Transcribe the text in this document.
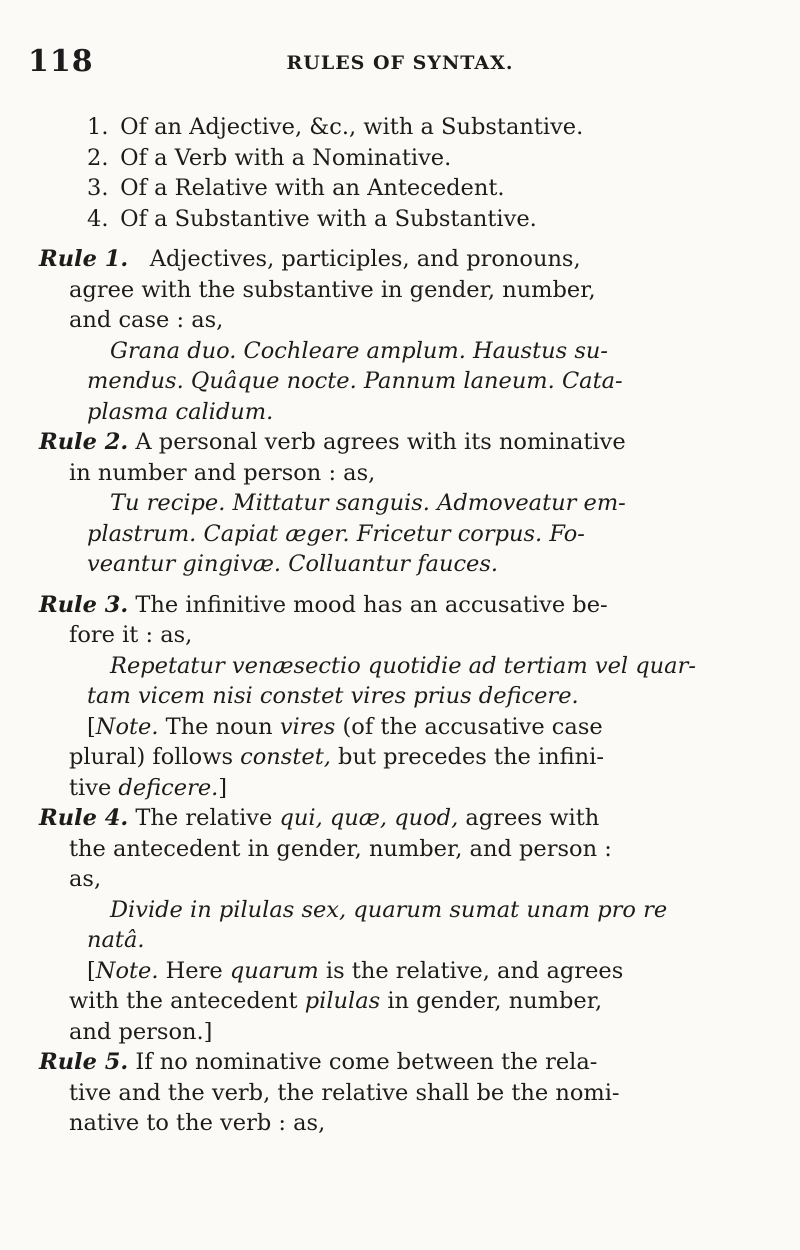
118	RULES OF SYNTAX.
1. Of an Adjective, &c., with a Substantive.
2. Of a Verb with a Nominative.
3. Of a Relative with an Antecedent.
4. Of a Substantive with a Substantive.
Rule 1. Adjectives, participles, and pronouns,
agree with the substantive in gender, number,
and case : as,
Grana duo. Cochleare amplum. Haustus su-
mendus. Quâque nocte. Pannum laneum. Cata-
plasma calidum.
Rule 2. A personal verb agrees with its nominative
in number and person : as,
Tu recipe. Mittatur sanguis. Admoveatur em-
plastrum. Capiat æger. Fricetur corpus. Fo-
veantur gingivæ. Colluantur fauces.
Rule 3. The infinitive mood has an accusative be-
fore it : as,
Repetatur venæsectio quotidie ad tertiam vel quar-
tam vicem nisi constet vires prius deficere.
[Note. The noun vires (of the accusative case
plural) follows constet, but precedes the infini-
tive deficere.]
Rule 4. The relative qui, quæ, quod, agrees with
the antecedent in gender, number, and person :
as,
Divide in pilulas sex, quarum sumat unam pro re
natâ.
[Note. Here quarum is the relative, and agrees
with the antecedent pilulas in gender, number,
and person.]
Rule 5. If no nominative come between the rela-
tive and the verb, the relative shall be the nomi-
native to the verb : as,
